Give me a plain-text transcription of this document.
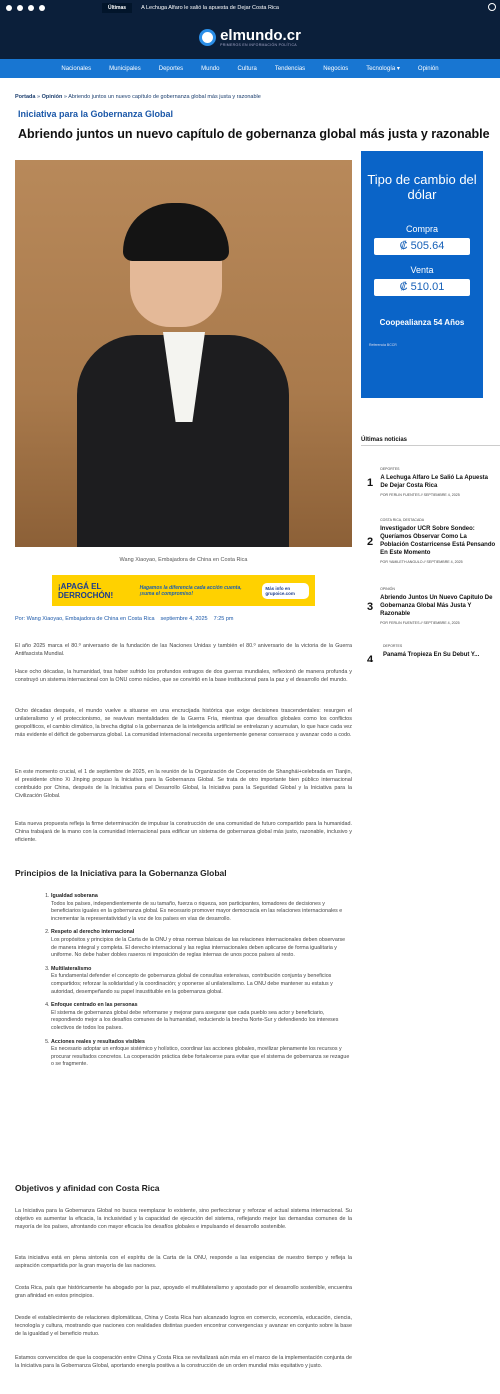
Últimas	A Lechuga Alfaro le salió la apuesta de Dejar Costa Rica
elmundo.cr
PRIMEROS EN INFORMACIÓN POLÍTICA
Nacionales	Municipales	Deportes	Mundo	Cultura	Tendencias	Negocios	Tecnología ▾	Opinión
Portada » Opinión » Abriendo juntos un nuevo capítulo de gobernanza global más justa y razonable
Iniciativa para la Gobernanza Global
Abriendo juntos un nuevo capítulo de gobernanza global más justa y razonable
Wang Xiaoyao, Embajadora de China en Costa Rica
¡APAGÁ EL DERROCHÓN!
Hagamos la diferencia cada acción cuenta, ¡suma el compromiso!
Más info en grupoice.com
Por: Wang Xiaoyao, Embajadora de China en Costa Rica septiembre 4, 2025 7:25 pm

El año 2025 marca el 80.º aniversario de la fundación de las Naciones Unidas y también el 80.º aniversario de la victoria de la Guerra Antifascista Mundial.

Hace ocho décadas, la humanidad, tras haber sufrido los profundos estragos de dos guerras mundiales, reflexionó de manera profunda y construyó un sistema internacional con la ONU como núcleo, que se convirtió en la base institucional para la paz y el desarrollo del mundo.

Ocho décadas después, el mundo vuelve a situarse en una encrucijada histórica que exige decisiones trascendentales: resurgen el unilateralismo y el proteccionismo, se reavivan mentalidades de la Guerra Fría, mientras que desafíos globales como los conflictos geopolíticos, el cambio climático, la brecha digital o la gobernanza de la inteligencia artificial se entrelazan y acumulan, lo que hace cada vez más evidente el déficit de gobernanza global. La comunidad internacional necesita urgentemente generar consensos y avanzar codo a codo.

En este momento crucial, el 1 de septiembre de 2025, en la reunión de la Organización de Cooperación de Shanghái+celebrada en Tianjin, el presidente chino Xi Jinping propuso la Iniciativa para la Gobernanza Global. Se trata de otro importante bien público internacional contribuido por China, después de la Iniciativa para el Desarrollo Global, la Iniciativa para la Seguridad Global y la Iniciativa para la Civilización Global.

Esta nueva propuesta refleja la firme determinación de impulsar la construcción de una comunidad de futuro compartido para la humanidad. China trabajará de la mano con la comunidad internacional para edificar un sistema de gobernanza global más justo, razonable, inclusivo y eficiente.

Principios de la Iniciativa para la Gobernanza Global
1. Igualdad soberana
Todos los países, independientemente de su tamaño, fuerza o riqueza, son participantes, tomadores de decisiones y beneficiarios iguales en la gobernanza global. Es necesario promover mayor democracia en las relaciones internacionales e incrementar la representatividad y la voz de los países en vías de desarrollo.
2. Respeto al derecho internacional
Los propósitos y principios de la Carta de la ONU y otras normas básicas de las relaciones internacionales deben observarse de manera integral y completa. El derecho internacional y las reglas internacionales deben aplicarse de forma igualitaria y uniforme. No debe haber dobles raseros ni imposición de reglas internas de unos pocos países al resto.
3. Multilateralismo
Es fundamental defender el concepto de gobernanza global de consultas extensivas, contribución conjunta y beneficios compartidos; reforzar la solidaridad y la coordinación; y oponerse al unilateralismo. La ONU debe mantener su estatus y autoridad, desempeñando su papel insustituible en la gobernanza global.
4. Enfoque centrado en las personas
El sistema de gobernanza global debe reformarse y mejorar para asegurar que cada pueblo sea actor y beneficiario, respondiendo mejor a los desafíos comunes de la humanidad, reduciendo la brecha Norte-Sur y defendiendo los intereses colectivos de todos los países.
5. Acciones reales y resultados visibles
Es necesario adoptar un enfoque sistémico y holístico, coordinar las acciones globales, movilizar plenamente los recursos y procurar resultados concretos. La cooperación práctica debe fortalecerse para evitar que el sistema de gobernanza se rezague o se fragmente.
Objetivos y afinidad con Costa Rica

La Iniciativa para la Gobernanza Global no busca reemplazar lo existente, sino perfeccionar y reforzar el actual sistema internacional. Su objetivo es aumentar la eficacia, la inclusividad y la capacidad de ejecución del sistema, reflejando mejor las demandas comunes de la mayoría de los países, afrontando con mayor eficacia los desafíos globales e impulsando el desarrollo sostenible.

Esta iniciativa está en plena sintonía con el espíritu de la Carta de la ONU, responde a las exigencias de nuestro tiempo y refleja la aspiración compartida por la gran mayoría de las naciones.

Costa Rica, país que históricamente ha abogado por la paz, apoyado el multilateralismo y apostado por el desarrollo sostenible, encuentra gran afinidad en estos principios.

Desde el establecimiento de relaciones diplomáticas, China y Costa Rica han alcanzado logros en comercio, economía, educación, ciencia, tecnología y cultura, mostrando que naciones con realidades distintas pueden encontrar convergencias y avanzar en conjunto sobre la base de la igualdad y el beneficio mutuo.

Estamos convencidos de que la cooperación entre China y Costa Rica se revitalizará aún más en el marco de la implementación conjunta de la Iniciativa para la Gobernanza Global, aportando energía positiva a la construcción de un orden mundial más equitativo y justo.

Tipo de cambio del dólar
Compra
₡ 505.64
Venta
₡ 510.01
Coopealianza 54 Años
Referencia BCCR
Últimas noticias
1
DEPORTES
A Lechuga Alfaro Le Salió La Apuesta De Dejar Costa Rica
POR FERLIN FUENTES // SEPTIEMBRE 4, 2025
2
COSTA RICA, DESTACADA
Investigador UCR Sobre Sondeo: Queríamos Observar Como La Población Costarricense Está Pensando En Este Momento
POR YAMILETH ANGULO // SEPTIEMBRE 4, 2025
3
OPINIÓN
Abriendo Juntos Un Nuevo Capítulo De Gobernanza Global Más Justa Y Razonable
POR FERLIN FUENTES // SEPTIEMBRE 4, 2025
4
DEPORTES
Panamá Tropieza En Su Debut Y...
